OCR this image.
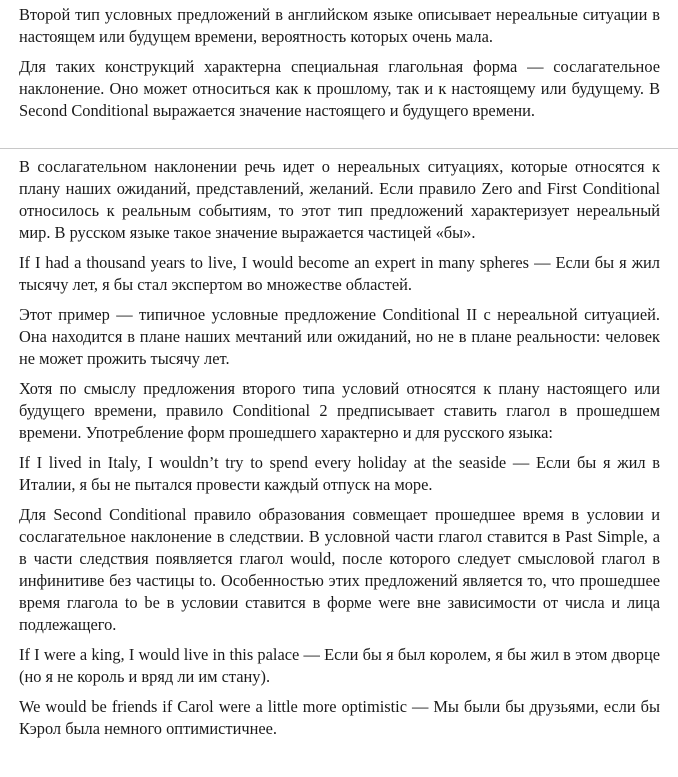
Второй тип условных предложений в английском языке описывает нереальные ситуации в настоящем или будущем времени, вероятность которых очень мала.

Для таких конструкций характерна специальная глагольная форма — сослагательное наклонение. Оно может относиться как к прошлому, так и к настоящему или будущему. В Second Conditional выражается значение настоящего и будущего времени.

В сослагательном наклонении речь идет о нереальных ситуациях, которые относятся к плану наших ожиданий, представлений, желаний. Если правило Zero and First Conditional относилось к реальным событиям, то этот тип предложений характеризует нереальный мир. В русском языке такое значение выражается частицей «бы».

If I had a thousand years to live, I would become an expert in many spheres — Если бы я жил тысячу лет, я бы стал экспертом во множестве областей.

Этот пример — типичное условные предложение Conditional II с нереальной ситуацией. Она находится в плане наших мечтаний или ожиданий, но не в плане реальности: человек не может прожить тысячу лет.

Хотя по смыслу предложения второго типа условий относятся к плану настоящего или будущего времени, правило Conditional 2 предписывает ставить глагол в прошедшем времени. Употребление форм прошедшего характерно и для русского языка:

If I lived in Italy, I wouldn’t try to spend every holiday at the seaside — Если бы я жил в Италии, я бы не пытался провести каждый отпуск на море.

Для Second Conditional правило образования совмещает прошедшее время в условии и сослагательное наклонение в следствии. В условной части глагол ставится в Past Simple, а в части следствия появляется глагол would, после которого следует смысловой глагол в инфинитиве без частицы to. Особенностью этих предложений является то, что прошедшее время глагола to be в условии ставится в форме were вне зависимости от числа и лица подлежащего.

If I were a king, I would live in this palace — Если бы я был королем, я бы жил в этом дворце (но я не король и вряд ли им стану).

We would be friends if Carol were a little more optimistic — Мы были бы друзьями, если бы Кэрол была немного оптимистичнее.
